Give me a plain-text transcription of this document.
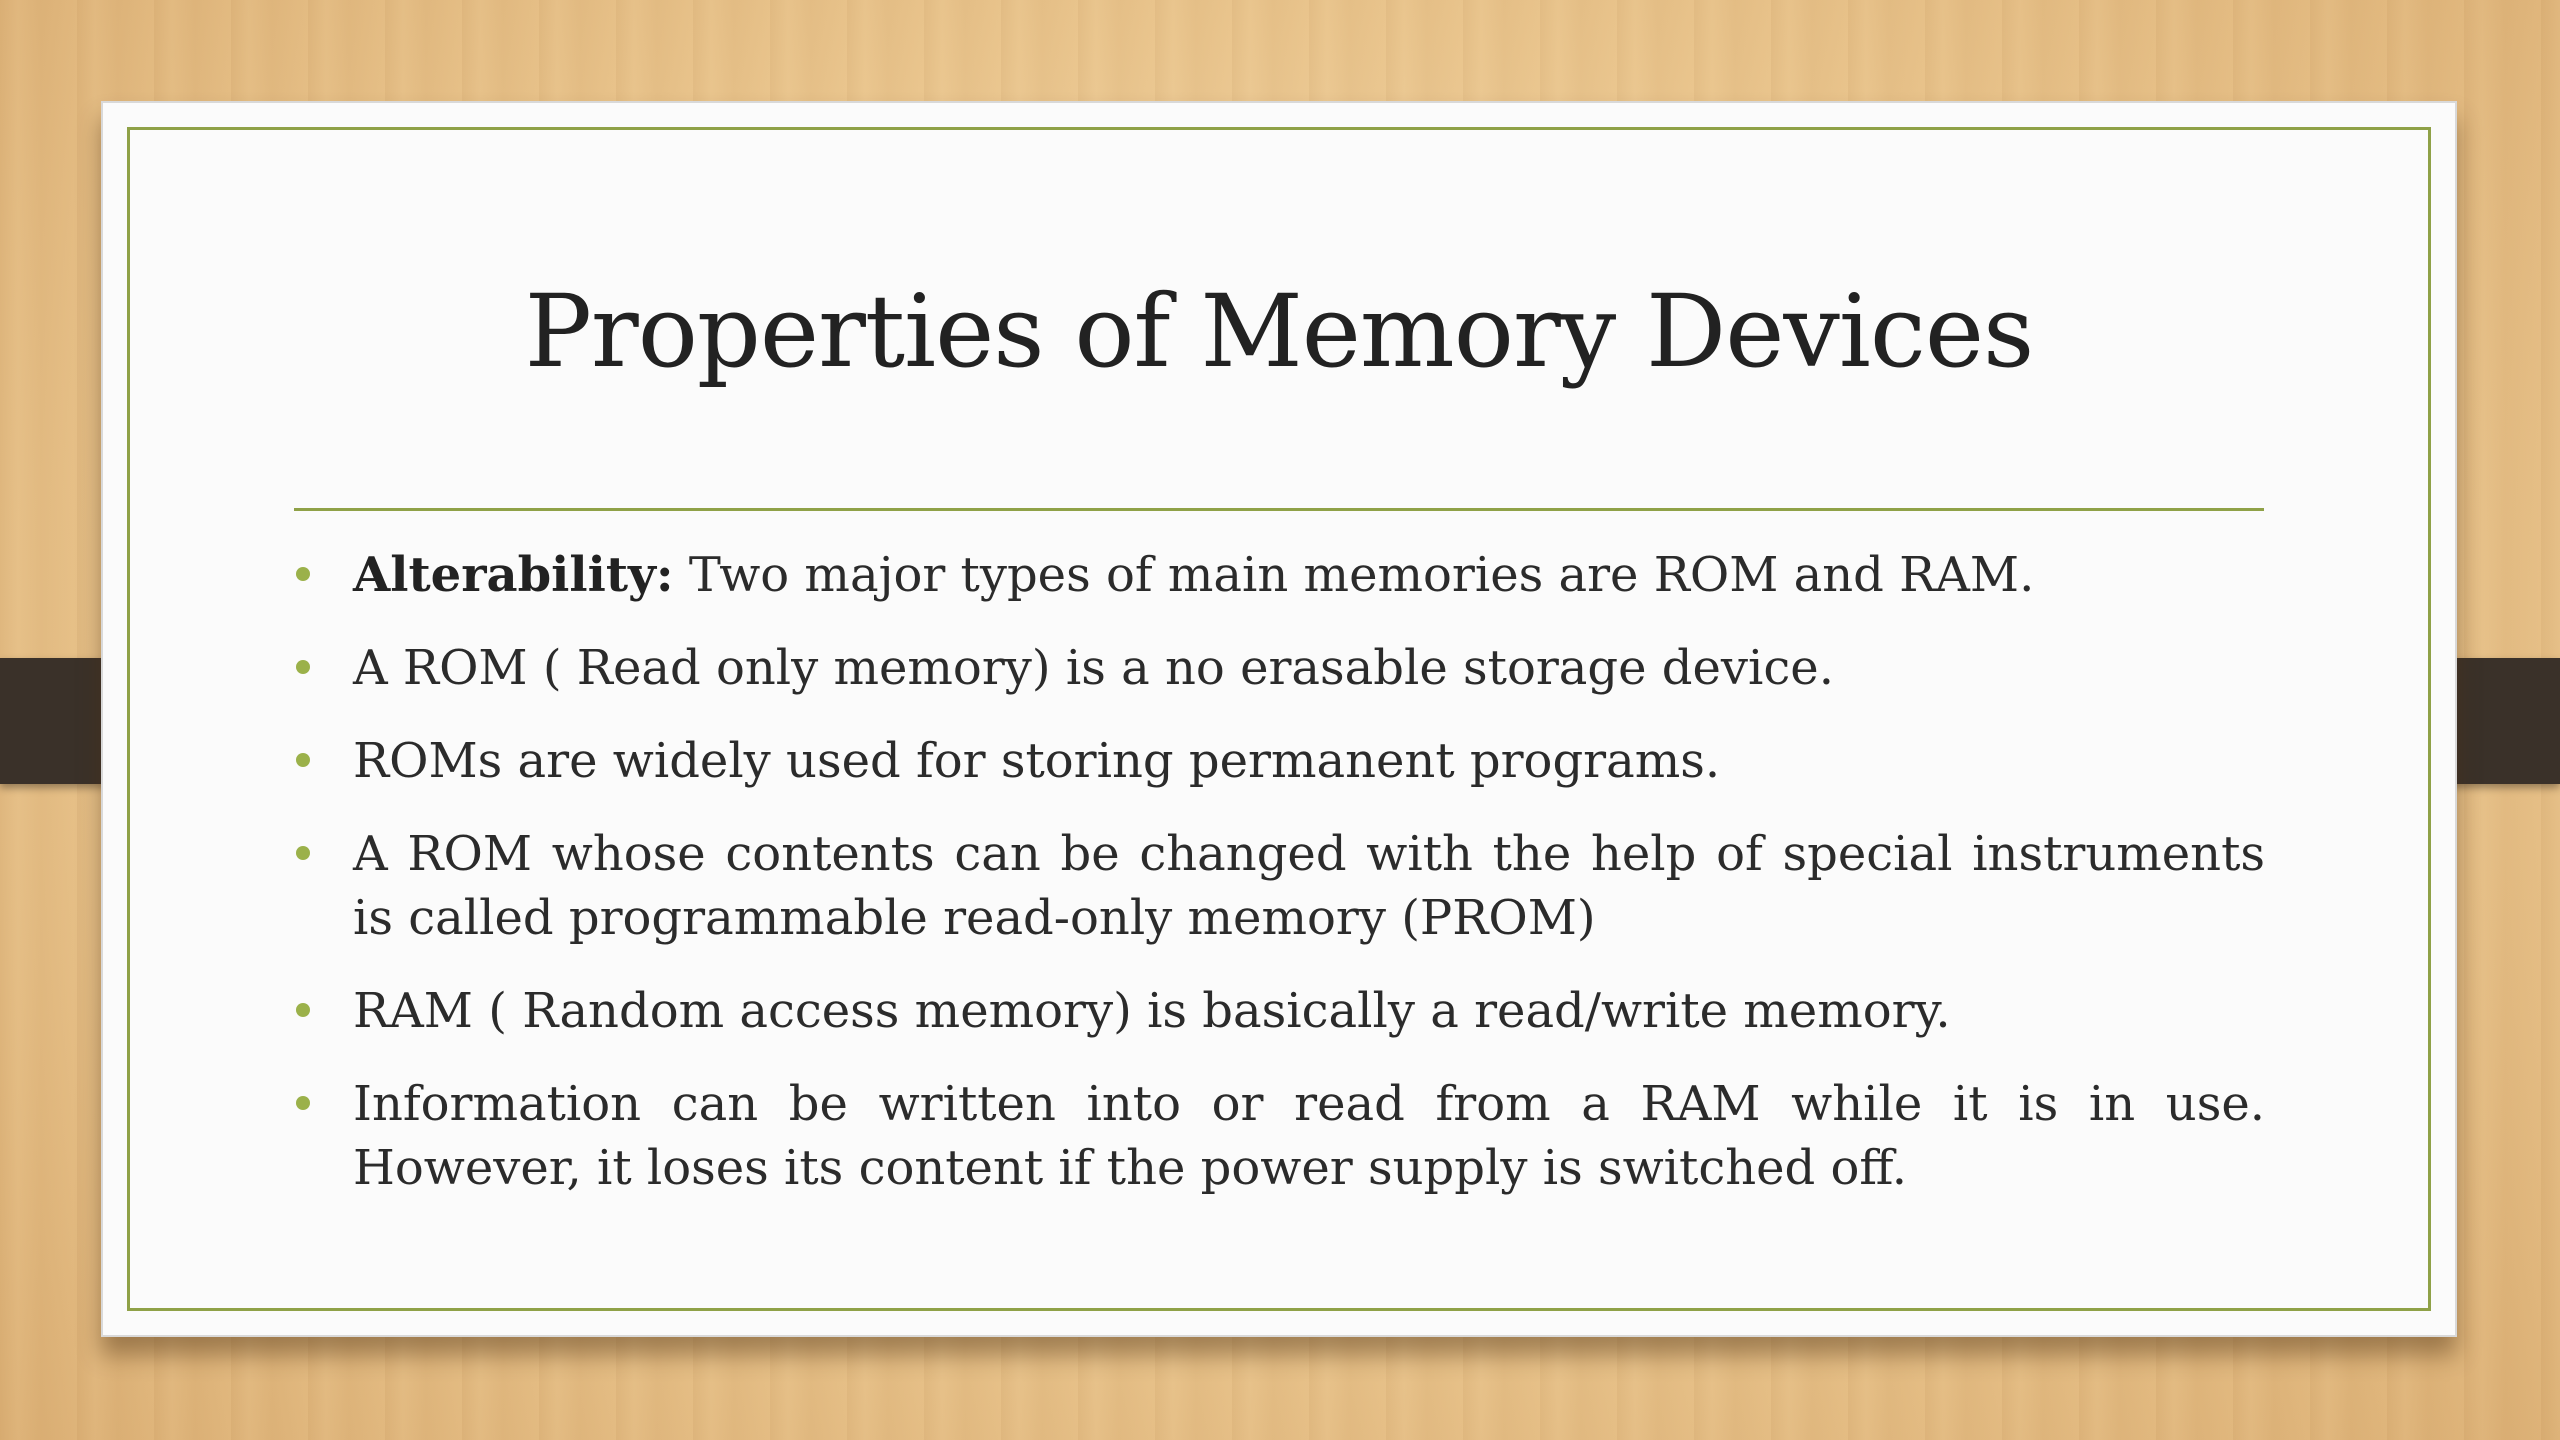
Properties of Memory Devices
Alterability: Two major types of main memories are ROM and RAM.
A ROM ( Read only memory) is a no erasable storage device.
ROMs are widely used for storing permanent programs.
A ROM whose contents can be changed with the help of special instruments is called programmable read-only memory (PROM)
RAM ( Random access memory) is basically a read/write memory.
Information can be written into or read from a RAM while it is in use. However, it loses its content if the power supply is switched off.
